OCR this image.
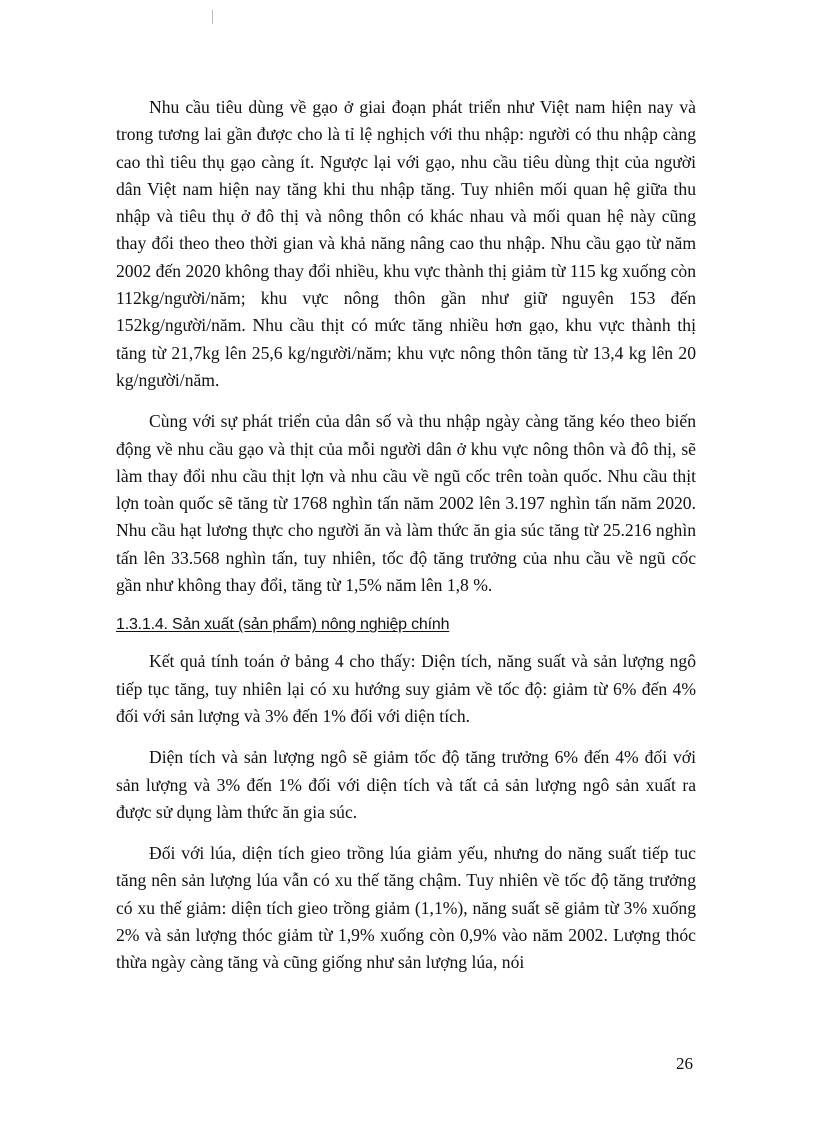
Nhu cầu tiêu dùng về gạo ở giai đoạn phát triển như Việt nam hiện nay và trong tương lai gần được cho là tỉ lệ nghịch với thu nhập: người có thu nhập càng cao thì tiêu thụ gạo càng ít. Ngược lại với gạo, nhu cầu tiêu dùng thịt của người dân Việt nam hiện nay tăng khi thu nhập tăng. Tuy nhiên mối quan hệ giữa thu nhập và tiêu thụ ở đô thị và nông thôn có khác nhau và mối quan hệ này cũng thay đổi theo theo thời gian và khả năng nâng cao thu nhập. Nhu cầu gạo từ năm 2002 đến 2020 không thay đổi nhiều, khu vực thành thị giảm từ 115 kg xuống còn 112kg/người/năm; khu vực nông thôn gần như giữ nguyên 153 đến 152kg/người/năm. Nhu cầu thịt có mức tăng nhiều hơn gạo, khu vực thành thị tăng từ 21,7kg lên 25,6 kg/người/năm; khu vực nông thôn tăng từ 13,4 kg lên 20 kg/người/năm.

Cùng với sự phát triển của dân số và thu nhập ngày càng tăng kéo theo biến động về nhu cầu gạo và thịt của mỗi người dân ở khu vực nông thôn và đô thị, sẽ làm thay đổi nhu cầu thịt lợn và nhu cầu về ngũ cốc trên toàn quốc. Nhu cầu thịt lợn toàn quốc sẽ tăng từ 1768 nghìn tấn năm 2002 lên 3.197 nghìn tấn năm 2020. Nhu cầu hạt lương thực cho người ăn và làm thức ăn gia súc tăng từ 25.216 nghìn tấn lên 33.568 nghìn tấn, tuy nhiên, tốc độ tăng trưởng của nhu cầu về ngũ cốc gần như không thay đổi, tăng từ 1,5% năm lên 1,8 %.

1.3.1.4. Sản xuất (sản phẩm) nông nghiệp chính

Kết quả tính toán ở bảng 4 cho thấy: Diện tích, năng suất và sản lượng ngô tiếp tục tăng, tuy nhiên lại có xu hướng suy giảm về tốc độ: giảm từ 6% đến 4% đối với sản lượng và 3% đến 1% đối với diện tích.

Diện tích và sản lượng ngô sẽ giảm tốc độ tăng trưởng 6% đến 4% đối với sản lượng và 3% đến 1% đối với diện tích và tất cả sản lượng ngô sản xuất ra được sử dụng làm thức ăn gia súc.

Đối với lúa, diện tích gieo trồng lúa giảm yếu, nhưng do năng suất tiếp tuc tăng nên sản lượng lúa vẫn có xu thế tăng chậm. Tuy nhiên về tốc độ tăng trưởng có xu thế giảm: diện tích gieo trồng giảm (1,1%), năng suất sẽ giảm từ 3% xuống 2% và sản lượng thóc giảm từ 1,9% xuống còn 0,9% vào năm 2002. Lượng thóc thừa ngày càng tăng và cũng giống như sản lượng lúa, nói

26
